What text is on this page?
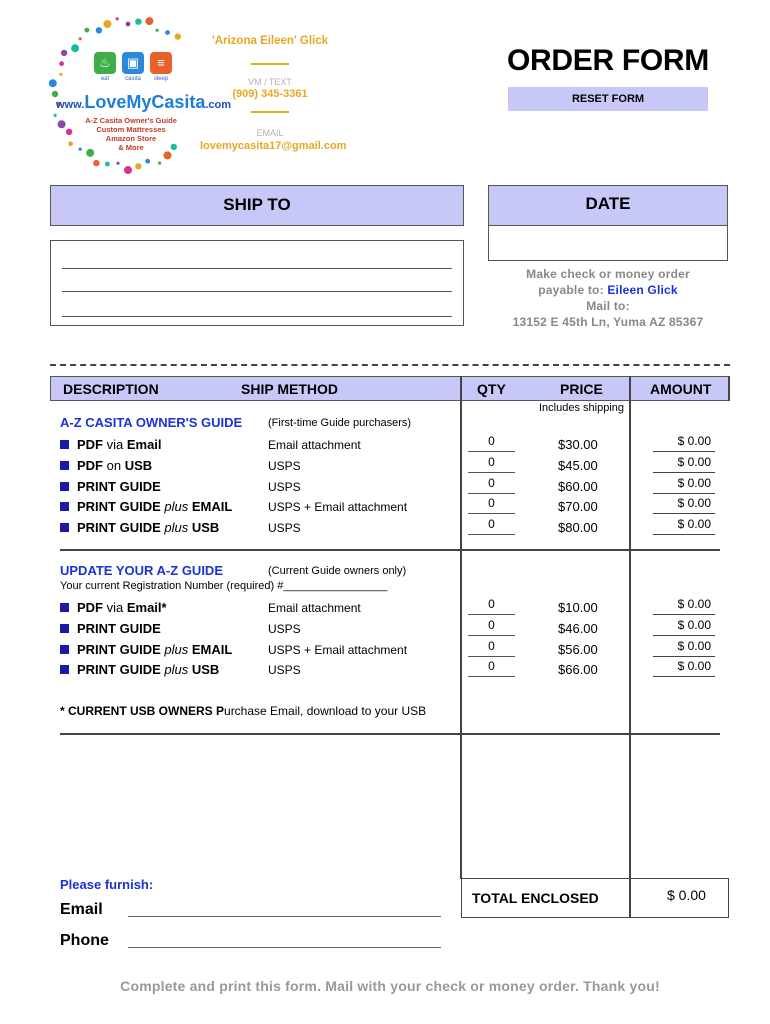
♨	▣	≡
eat	casita	sleep
www.LoveMyCasita.com
A-Z Casita Owner's Guide
Custom Mattresses
Amazon Store
& More
'Arizona Eileen' Glick
VM / TEXT
(909) 345-3361
EMAIL
lovemycasita17@gmail.com
ORDER FORM
RESET FORM
SHIP TO	DATE
Make check or money order
payable to: Eileen Glick
Mail to:
13152 E 45th Ln, Yuma AZ 85367
DESCRIPTION	SHIP METHOD	QTY	PRICE	AMOUNT
Includes shipping
A-Z CASITA OWNER'S GUIDE (First-time Guide purchasers)
PDF via Email	Email attachment	0	$30.00	$ 0.00
PDF on USB	USPS	0	$45.00	$ 0.00
PRINT GUIDE	USPS	0	$60.00	$ 0.00
PRINT GUIDE plus EMAIL	USPS + Email attachment	0	$70.00	$ 0.00
PRINT GUIDE plus USB	USPS	0	$80.00	$ 0.00
UPDATE YOUR A-Z GUIDE	(Current Guide owners only)
Your current Registration Number (required) #_________________
PDF via Email*	Email attachment	0	$10.00	$ 0.00
PRINT GUIDE	USPS	0	$46.00	$ 0.00
PRINT GUIDE plus EMAIL	USPS + Email attachment	0	$56.00	$ 0.00
PRINT GUIDE plus USB	USPS	0	$66.00	$ 0.00
* CURRENT USB OWNERS Purchase Email, download to your USB
TOTAL ENCLOSED	$ 0.00
Please furnish:
Email
Phone
Complete and print this form. Mail with your check or money order. Thank you!
